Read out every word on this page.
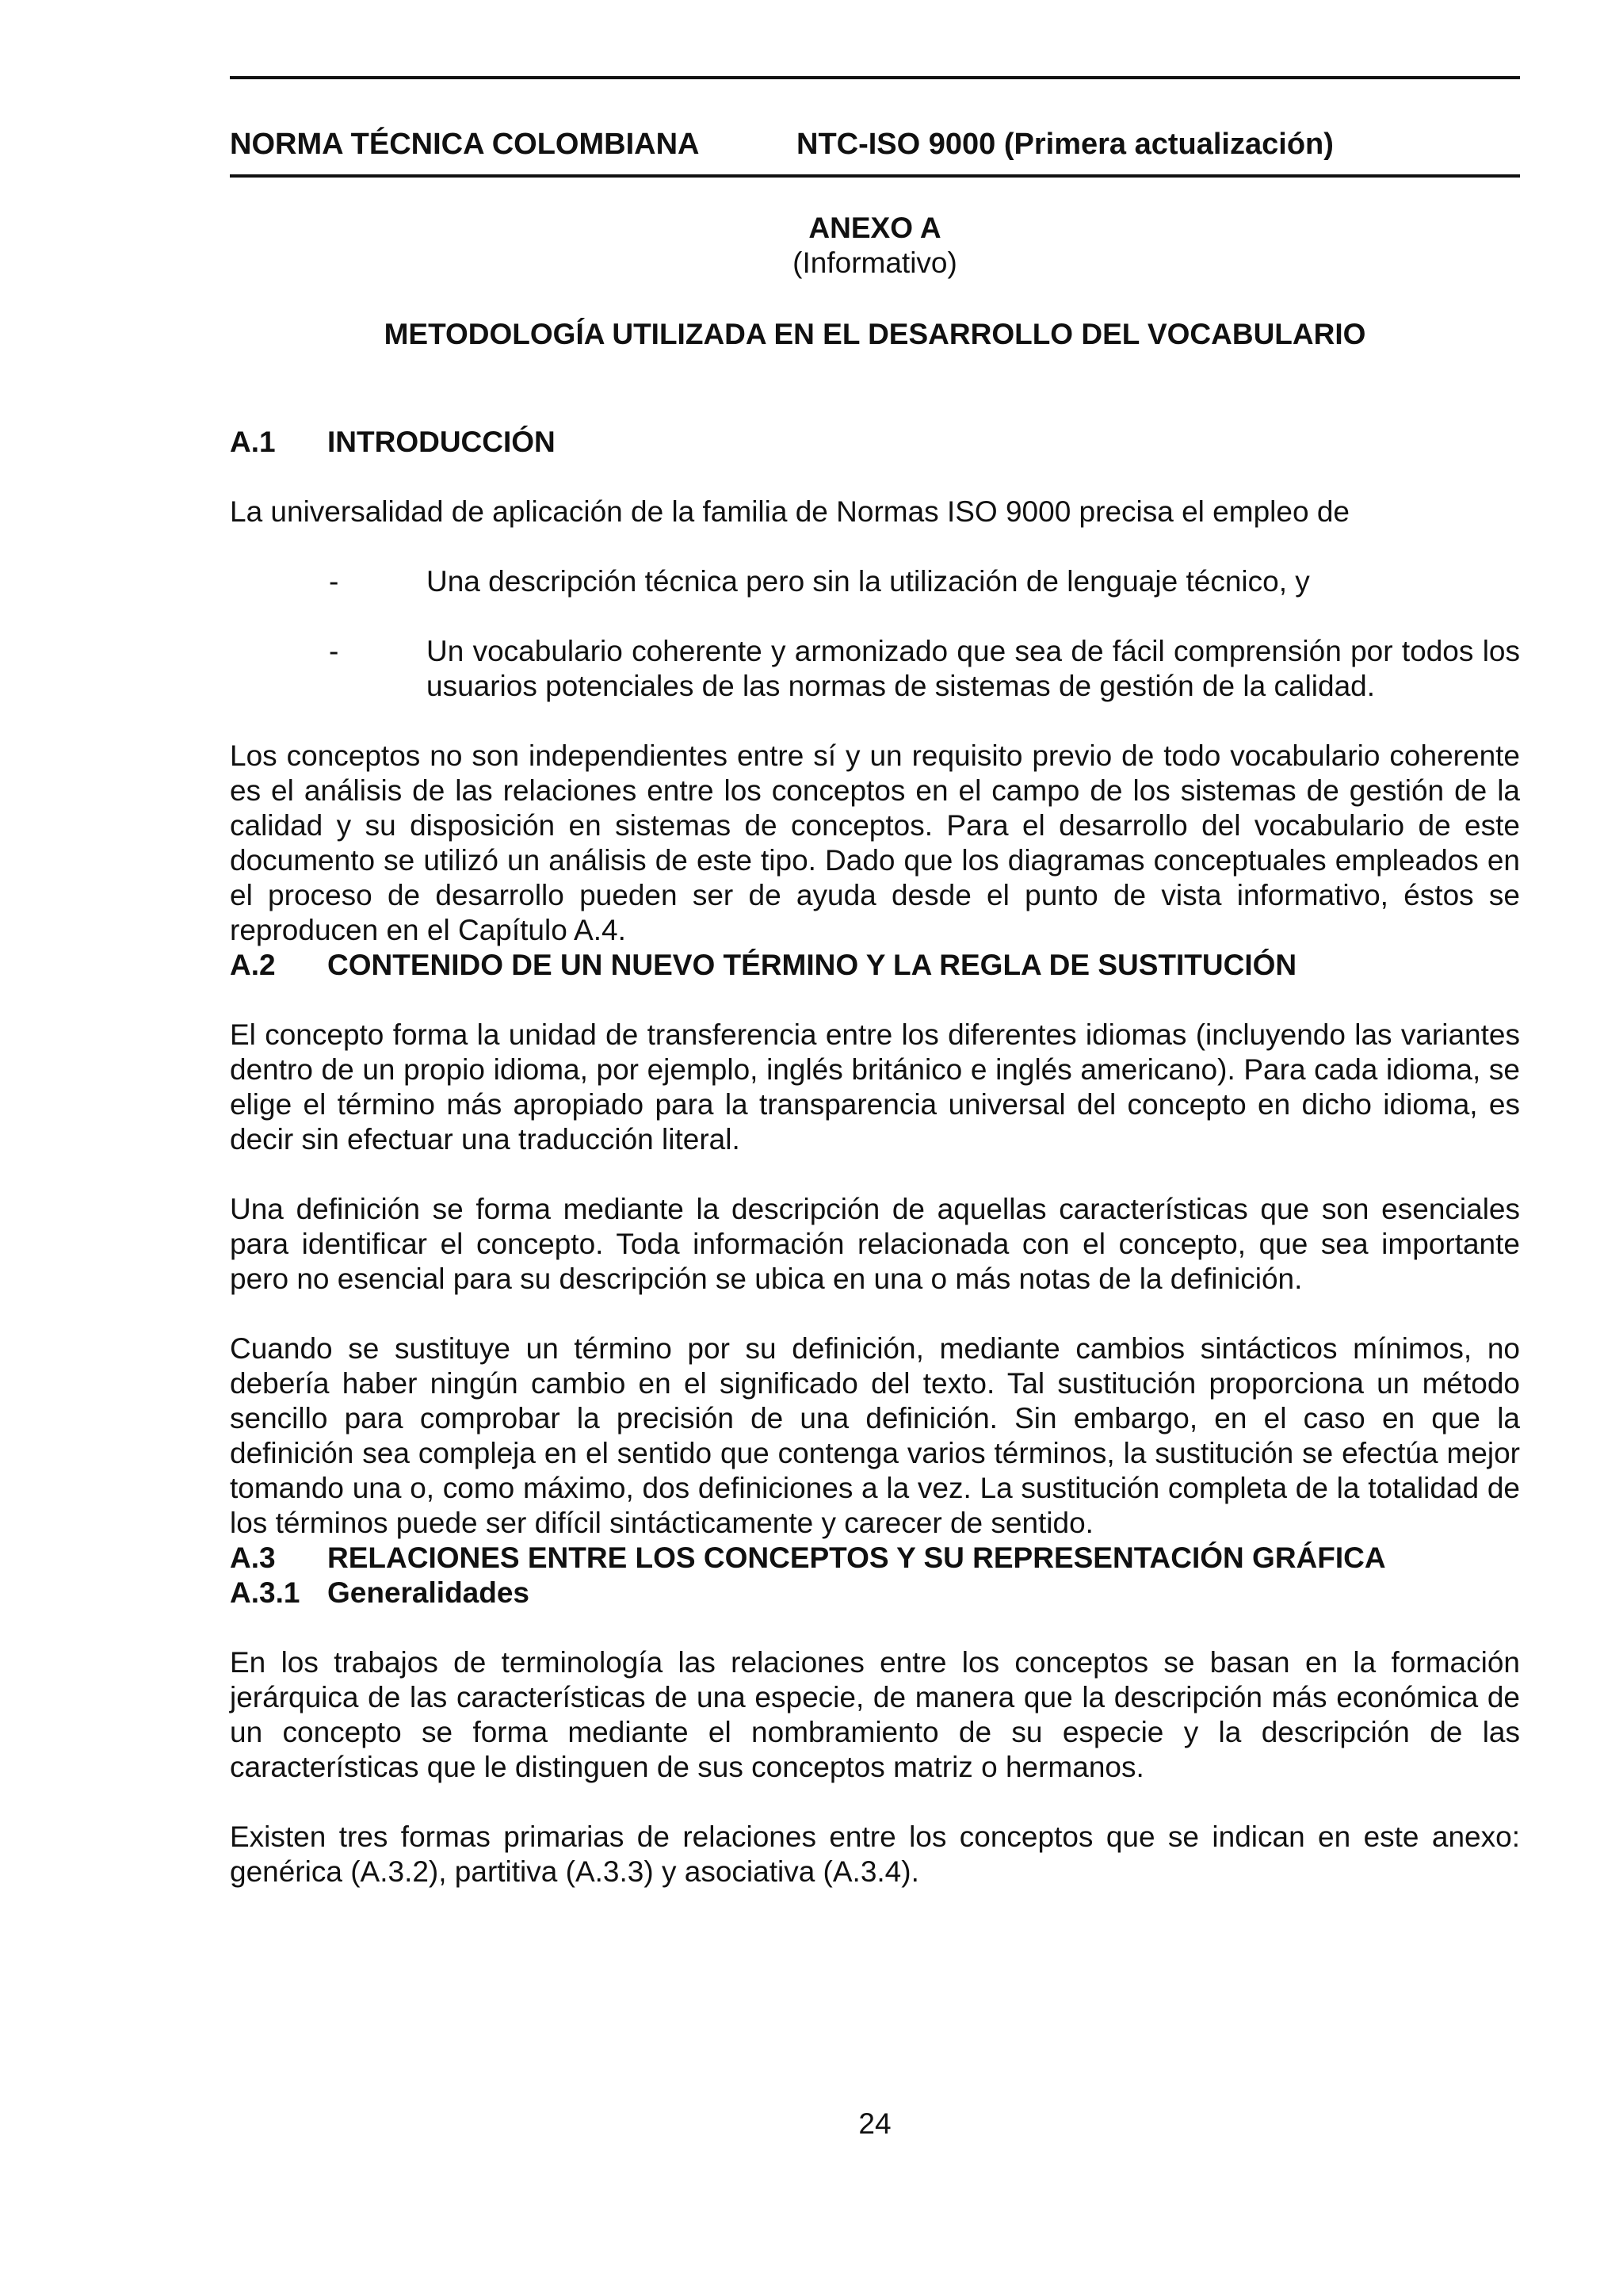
NORMA TÉCNICA COLOMBIANA	NTC-ISO 9000 (Primera actualización)
ANEXO A
(Informativo)
METODOLOGÍA UTILIZADA EN EL DESARROLLO DEL VOCABULARIO
A.1	INTRODUCCIÓN

La universalidad de aplicación de la familia de Normas ISO 9000 precisa el empleo de

-	Una descripción técnica pero sin la utilización de lenguaje técnico, y
-	Un vocabulario coherente y armonizado que sea de fácil comprensión por todos los usuarios potenciales de las normas de sistemas de gestión de la calidad.

Los conceptos no son independientes entre sí y un requisito previo de todo vocabulario coherente es el análisis de las relaciones entre los conceptos en el campo de los sistemas de gestión de la calidad y su disposición en sistemas de conceptos. Para el desarrollo del vocabulario de este documento se utilizó un análisis de este tipo. Dado que los diagramas conceptuales empleados en el proceso de desarrollo pueden ser de ayuda desde el punto de vista informativo, éstos se reproducen en el Capítulo A.4.

A.2	CONTENIDO DE UN NUEVO TÉRMINO Y LA REGLA DE SUSTITUCIÓN

El concepto forma la unidad de transferencia entre los diferentes idiomas (incluyendo las variantes dentro de un propio idioma, por ejemplo, inglés británico e inglés americano). Para cada idioma, se elige el término más apropiado para la transparencia universal del concepto en dicho idioma, es decir sin efectuar una traducción literal.

Una definición se forma mediante la descripción de aquellas características que son esenciales para identificar el concepto. Toda información relacionada con el concepto, que sea importante pero no esencial para su descripción se ubica en una o más notas de la definición.

Cuando se sustituye un término por su definición, mediante cambios sintácticos mínimos, no debería haber ningún cambio en el significado del texto. Tal sustitución proporciona un método sencillo para comprobar la precisión de una definición. Sin embargo, en el caso en que la definición sea compleja en el sentido que contenga varios términos, la sustitución se efectúa mejor tomando una o, como máximo, dos definiciones a la vez. La sustitución completa de la totalidad de los términos puede ser difícil sintácticamente y carecer de sentido.

A.3	RELACIONES ENTRE LOS CONCEPTOS Y SU REPRESENTACIÓN GRÁFICA
A.3.1 Generalidades

En los trabajos de terminología las relaciones entre los conceptos se basan en la formación jerárquica de las características de una especie, de manera que la descripción más económica de un concepto se forma mediante el nombramiento de su especie y la descripción de las características que le distinguen de sus conceptos matriz o hermanos.

Existen tres formas primarias de relaciones entre los conceptos que se indican en este anexo: genérica (A.3.2), partitiva (A.3.3) y asociativa (A.3.4).

24
